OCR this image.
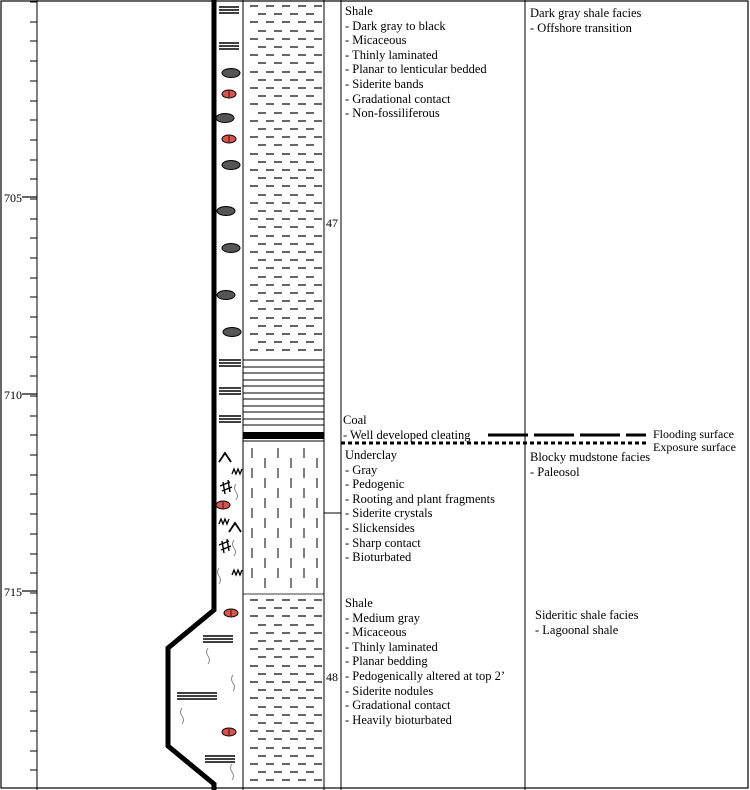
705
710
715
47
48
Shale
- Dark gray to black
- Micaceous
- Thinly laminated
- Planar to lenticular bedded
- Siderite bands
- Gradational contact
- Non-fossiliferous
Coal
- Well developed cleating
Underclay
- Gray
- Pedogenic
- Rooting and plant fragments
- Siderite crystals
- Slickensides
- Sharp contact
- Bioturbated
Shale
- Medium gray
- Micaceous
- Thinly laminated
- Planar bedding
- Pedogenically altered at top 2’
- Siderite nodules
- Gradational contact
- Heavily bioturbated
Dark gray shale facies
- Offshore transition
Blocky mudstone facies
- Paleosol
Sideritic shale facies
- Lagoonal shale
Flooding surface
Exposure surface
